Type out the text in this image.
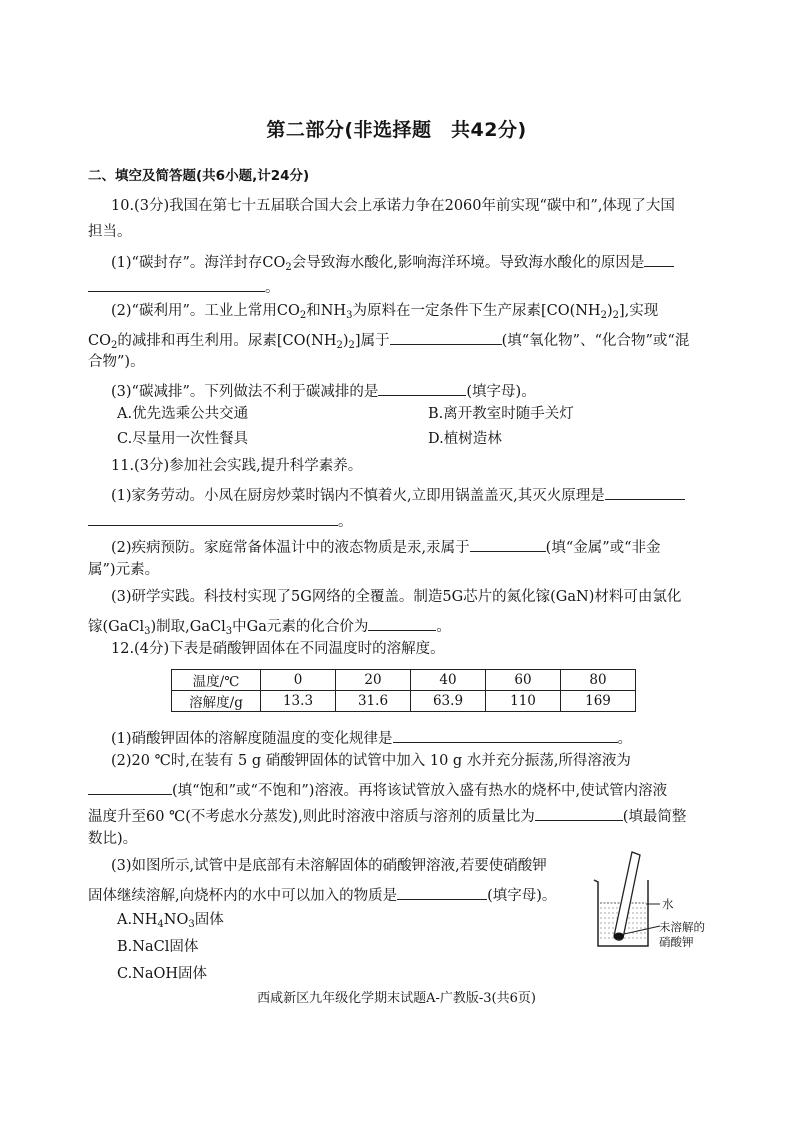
第二部分(非选择题　共42分)
二、填空及简答题(共6小题,计24分)
10.(3分)我国在第七十五届联合国大会上承诺力争在2060年前实现“碳中和”,体现了大国
担当。
(1)“碳封存”。海洋封存$CO_2$会导致海水酸化,影响海洋环境。导致海水酸化的原因是
。
(2)“碳利用”。工业上常用$CO_2$和$NH_3$为原料在一定条件下生产尿素$[CO(NH_2)_2]$,实现
$CO_2$的减排和再生利用。尿素$[CO(NH_2)_2]$属于	(填“氧化物”、“化合物”或“混
合物”)。
(3)“碳减排”。下列做法不利于碳减排的是	(填字母)。
A.优先选乘公共交通	B.离开教室时随手关灯
C.尽量用一次性餐具	D.植树造林
11.(3分)参加社会实践,提升科学素养。
(1)家务劳动。小凤在厨房炒菜时锅内不慎着火,立即用锅盖盖灭,其灭火原理是
。
(2)疾病预防。家庭常备体温计中的液态物质是汞,汞属于	(填“金属”或“非金
属”)元素。
(3)研学实践。科技村实现了5G网络的全覆盖。制造5G芯片的氮化镓(GaN)材料可由氯化
镓(GaCl$_3$)制取,GaCl$_3$中Ga元素的化合价为	。
12.(4分)下表是硝酸钾固体在不同温度时的溶解度。
温度/℃	0	20	40	60	80
溶解度/g	13.3	31.6	63.9	110	169
(1)硝酸钾固体的溶解度随温度的变化规律是	。
(2)20 ℃时,在装有 5 g 硝酸钾固体的试管中加入 10 g 水并充分振荡,所得溶液为
(填“饱和”或“不饱和”)溶液。再将该试管放入盛有热水的烧杯中,使试管内溶液
温度升至60 ℃(不考虑水分蒸发),则此时溶液中溶质与溶剂的质量比为	(填最简整
数比)。
(3)如图所示,试管中是底部有未溶解固体的硝酸钾溶液,若要使硝酸钾
固体继续溶解,向烧杯内的水中可以加入的物质是	(填字母)。
$A.NH_4NO_3$固体
B.NaCl固体
C.NaOH固体
水
未溶解的
硝酸钾
西咸新区九年级化学期末试题A-广教版-3(共6页)
